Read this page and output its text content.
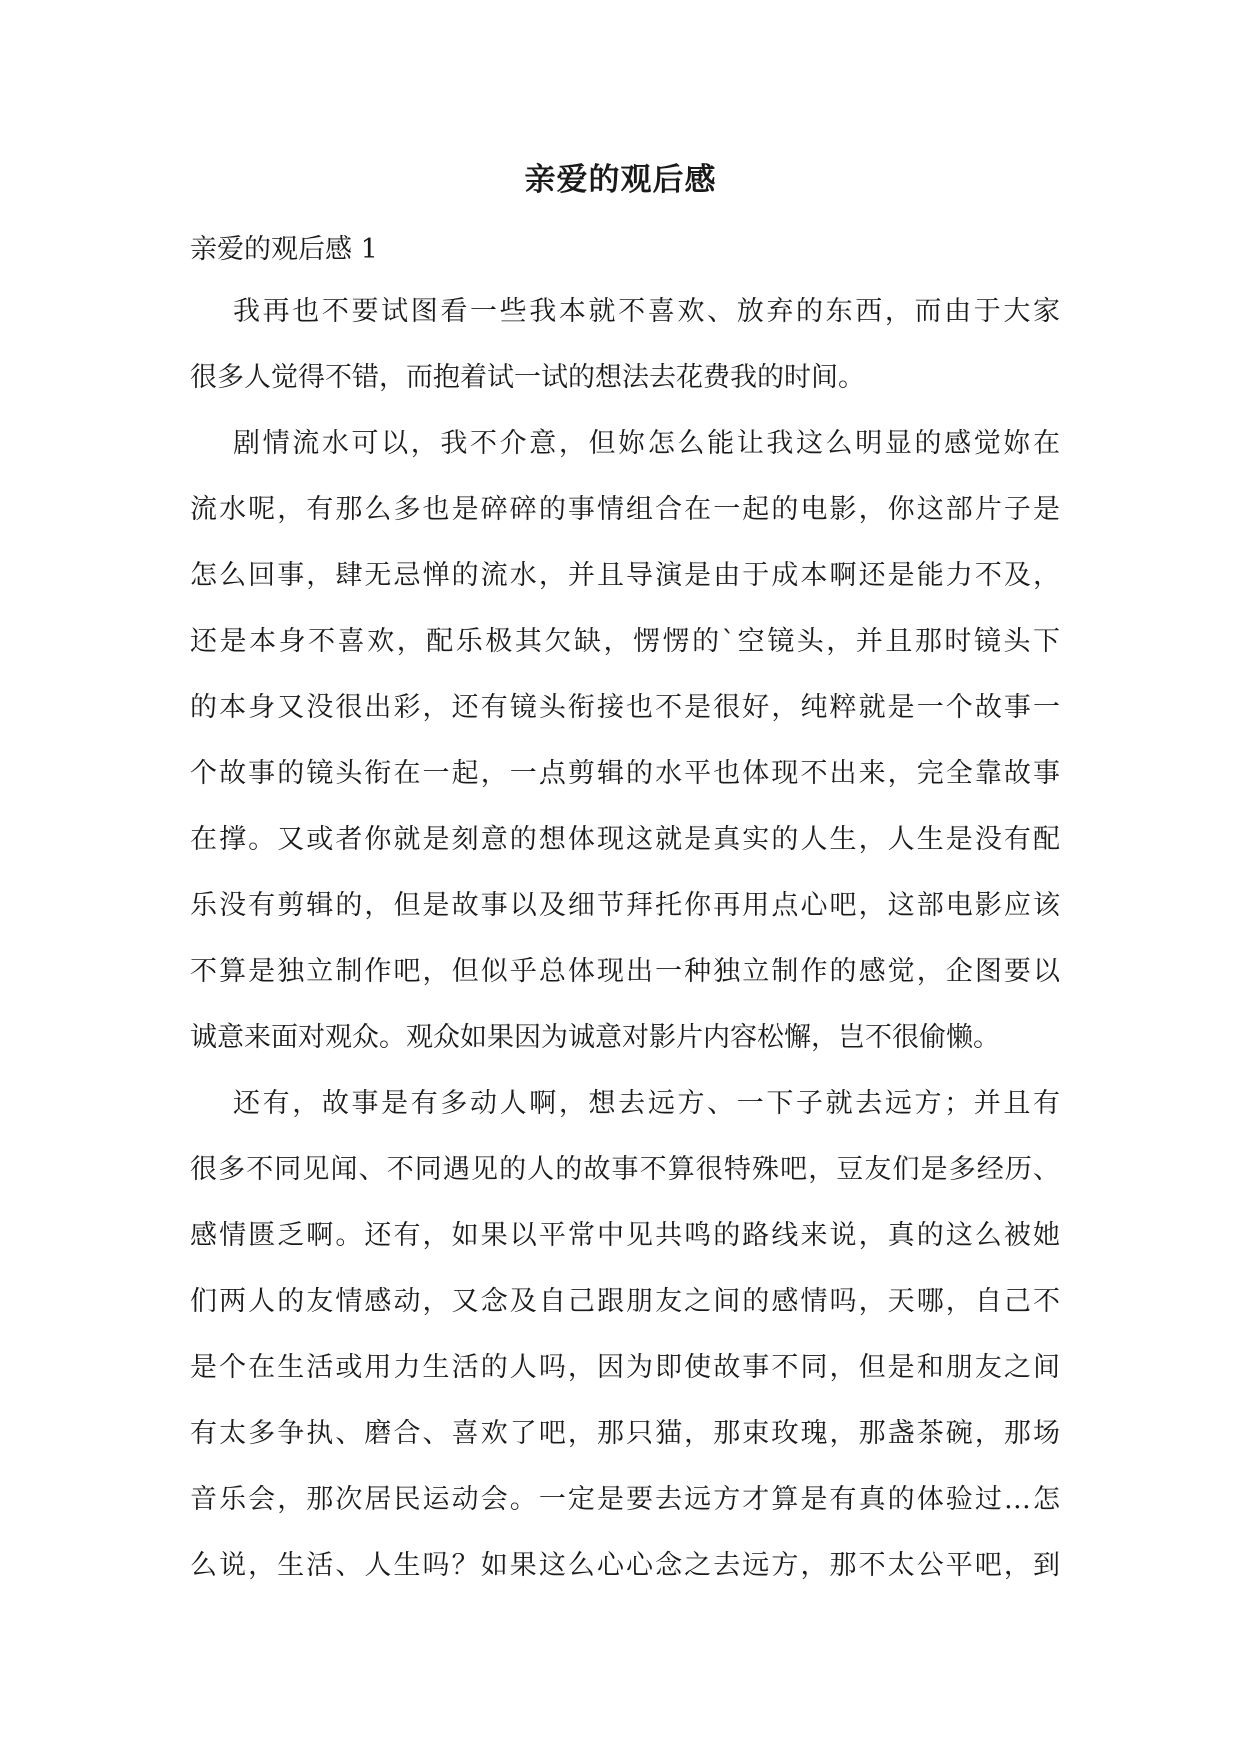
亲爱的观后感
亲爱的观后感 1
我再也不要试图看一些我本就不喜欢、放弃的东西，而由于大家
很多人觉得不错，而抱着试一试的想法去花费我的时间。
剧情流水可以，我不介意，但妳怎么能让我这么明显的感觉妳在
流水呢，有那么多也是碎碎的事情组合在一起的电影，你这部片子是
怎么回事，肆无忌惮的流水，并且导演是由于成本啊还是能力不及，
还是本身不喜欢，配乐极其欠缺，愣愣的`空镜头，并且那时镜头下
的本身又没很出彩，还有镜头衔接也不是很好，纯粹就是一个故事一
个故事的镜头衔在一起，一点剪辑的水平也体现不出来，完全靠故事
在撑。又或者你就是刻意的想体现这就是真实的人生，人生是没有配
乐没有剪辑的，但是故事以及细节拜托你再用点心吧，这部电影应该
不算是独立制作吧，但似乎总体现出一种独立制作的感觉，企图要以
诚意来面对观众。观众如果因为诚意对影片内容松懈，岂不很偷懒。
还有，故事是有多动人啊，想去远方、一下子就去远方；并且有
很多不同见闻、不同遇见的人的故事不算很特殊吧，豆友们是多经历、
感情匮乏啊。还有，如果以平常中见共鸣的路线来说，真的这么被她
们两人的友情感动，又念及自己跟朋友之间的感情吗，天哪，自己不
是个在生活或用力生活的人吗，因为即使故事不同，但是和朋友之间
有太多争执、磨合、喜欢了吧，那只猫，那束玫瑰，那盏茶碗，那场
音乐会，那次居民运动会。一定是要去远方才算是有真的体验过…怎
么说，生活、人生吗？如果这么心心念之去远方，那不太公平吧，到
